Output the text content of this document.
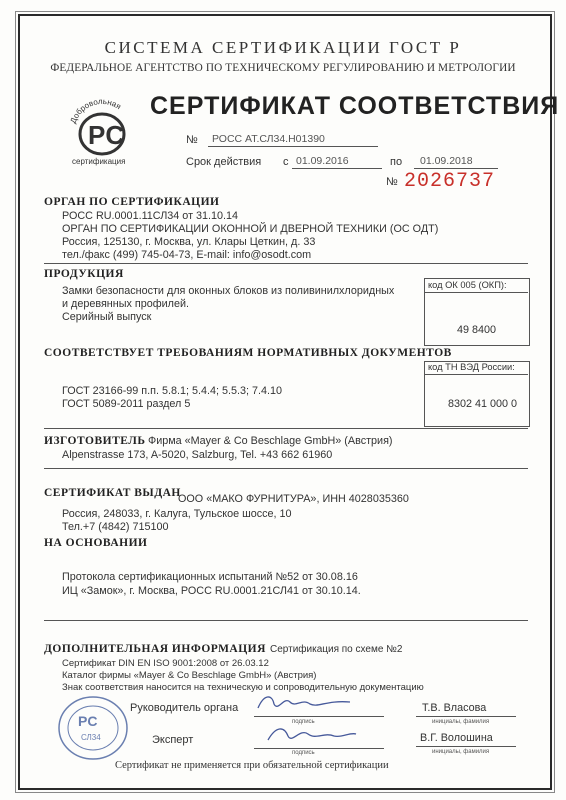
СИСТЕМА СЕРТИФИКАЦИИ ГОСТ Р
ФЕДЕРАЛЬНОЕ АГЕНТСТВО ПО ТЕХНИЧЕСКОМУ РЕГУЛИРОВАНИЮ И МЕТРОЛОГИИ
Добровольная
PC
сертификация
СЕРТИФИКАТ СООТВЕТСТВИЯ
№ РОСС АТ.СЛ34.Н01390
Срок действия с 01.09.2016	по 01.09.2018
№ 2026737
ОРГАН ПО СЕРТИФИКАЦИИ
РОСС RU.0001.11СЛ34 от 31.10.14
ОРГАН ПО СЕРТИФИКАЦИИ ОКОННОЙ И ДВЕРНОЙ ТЕХНИКИ (ОС ОДТ)
Россия, 125130, г. Москва, ул. Клары Цеткин, д. 33
тел./факс (499) 745-04-73, E-mail: info@osodt.com
ПРОДУКЦИЯ
Замки безопасности для оконных блоков из поливинилхлоридных
и деревянных профилей.
Серийный выпуск
код ОК 005 (ОКП):
49 8400
СООТВЕТСТВУЕТ ТРЕБОВАНИЯМ НОРМАТИВНЫХ ДОКУМЕНТОВ
код ТН ВЭД России:
ГОСТ 23166-99 п.п. 5.8.1; 5.4.4; 5.5.3; 7.4.10
ГОСТ 5089-2011 раздел 5	8302 41 000 0
ИЗГОТОВИТЕЛЬ Фирма «Mayer & Co Beschlage GmbH» (Австрия)
Alpenstrasse 173, A-5020, Salzburg, Tel. +43 662 61960
СЕРТИФИКАТ ВЫДАН
ООО «МАКО ФУРНИТУРА», ИНН 4028035360
Россия, 248033, г. Калуга, Тульское шоссе, 10
Тел.+7 (4842) 715100
НА ОСНОВАНИИ
Протокола сертификационных испытаний №52 от 30.08.16
ИЦ «Замок», г. Москва, РОСС RU.0001.21СЛ41 от 30.10.14.
ДОПОЛНИТЕЛЬНАЯ ИНФОРМАЦИЯ Сертификация по схеме №2
Сертификат DIN EN ISO 9001:2008 от 26.03.12
Каталог фирмы «Mayer & Co Beschlage GmbH» (Австрия)
Знак соответствия наносится на техническую и сопроводительную документацию
PC
СЛ34
Руководитель органа
подпись
Т.В. Власова
инициалы, фамилия
Эксперт
подпись
В.Г. Волошина
инициалы, фамилия
Сертификат не применяется при обязательной сертификации
